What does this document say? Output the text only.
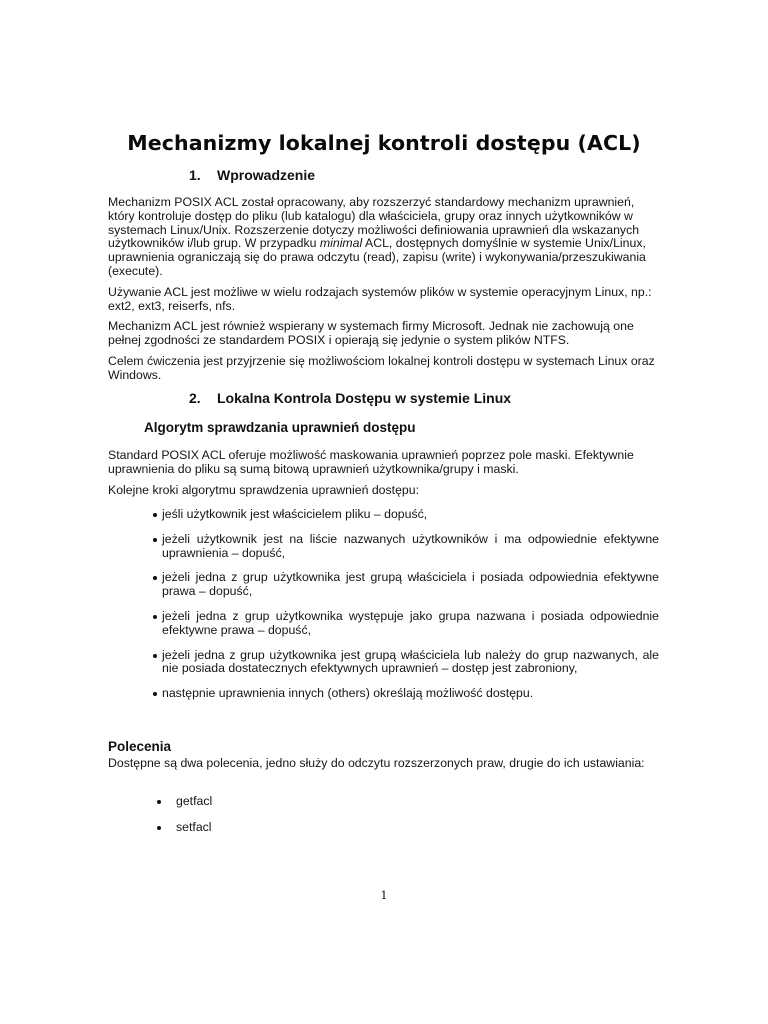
Mechanizmy lokalnej kontroli dostępu (ACL)
1. Wprowadzenie

Mechanizm POSIX ACL został opracowany, aby rozszerzyć standardowy mechanizm uprawnień, który kontroluje dostęp do pliku (lub katalogu) dla właściciela, grupy oraz innych użytkowników w systemach Linux/Unix. Rozszerzenie dotyczy możliwości definiowania uprawnień dla wskazanych użytkowników i/lub grup. W przypadku minimal ACL, dostępnych domyślnie w systemie Unix/Linux, uprawnienia ograniczają się do prawa odczytu (read), zapisu (write) i wykonywania/przeszukiwania (execute).

Używanie ACL jest możliwe w wielu rodzajach systemów plików w systemie operacyjnym Linux, np.: ext2, ext3, reiserfs, nfs.

Mechanizm ACL jest również wspierany w systemach firmy Microsoft. Jednak nie zachowują one pełnej zgodności ze standardem POSIX i opierają się jedynie o system plików NTFS.

Celem ćwiczenia jest przyjrzenie się możliwościom lokalnej kontroli dostępu w systemach Linux oraz Windows.

2. Lokalna Kontrola Dostępu w systemie Linux
Algorytm sprawdzania uprawnień dostępu

Standard POSIX ACL oferuje możliwość maskowania uprawnień poprzez pole maski. Efektywnie uprawnienia do pliku są sumą bitową uprawnień użytkownika/grupy i maski.

Kolejne kroki algorytmu sprawdzenia uprawnień dostępu:

jeśli użytkownik jest właścicielem pliku – dopuść,
jeżeli użytkownik jest na liście nazwanych użytkowników i ma odpowiednie efektywne uprawnienia – dopuść,
jeżeli jedna z grup użytkownika jest grupą właściciela i posiada odpowiednia efektywne prawa – dopuść,
jeżeli jedna z grup użytkownika występuje jako grupa nazwana i posiada odpowiednie efektywne prawa – dopuść,
jeżeli jedna z grup użytkownika jest grupą właściciela lub należy do grup nazwanych, ale nie posiada dostatecznych efektywnych uprawnień – dostęp jest zabroniony,
następnie uprawnienia innych (others) określają możliwość dostępu.
Polecenia

Dostępne są dwa polecenia, jedno służy do odczytu rozszerzonych praw, drugie do ich ustawiania:

getfacl
setfacl
1
